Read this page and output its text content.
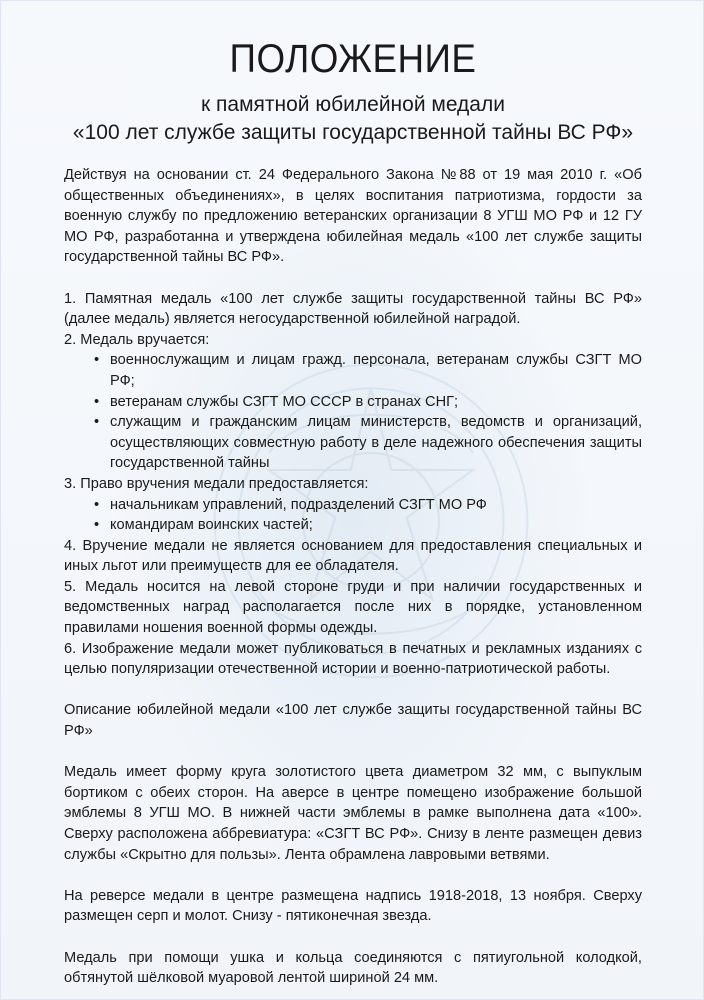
ПОЛОЖЕНИЕ
к памятной юбилейной медали
«100 лет службе защиты государственной тайны ВС РФ»

Действуя на основании ст. 24 Федерального Закона №88 от 19 мая 2010 г. «Об общественных объединениях», в целях воспитания патриотизма, гордости за военную службу по предложению ветеранских организации 8 УГШ МО РФ и 12 ГУ МО РФ, разработанна и утверждена юбилейная медаль «100 лет службе защиты государственной тайны ВС РФ».

1. Памятная медаль «100 лет службе защиты государственной тайны ВС РФ» (далее медаль) является негосударственной юбилейной наградой.

2. Медаль вручается:

• военнослужащим и лицам гражд. персонала, ветеранам службы СЗГТ МО РФ;
• ветеранам службы СЗГТ МО СССР в странах СНГ;
• служащим и гражданским лицам министерств, ведомств и организаций, осуществляющих совместную работу в деле надежного обеспечения защиты государственной тайны

3. Право вручения медали предоставляется:

• начальникам управлений, подразделений СЗГТ МО РФ
• командирам воинских частей;

4. Вручение медали не является основанием для предоставления специальных и иных льгот или преимуществ для ее обладателя.

5. Медаль носится на левой стороне груди и при наличии государственных и ведомственных наград располагается после них в порядке, установленном правилами ношения военной формы одежды.

6. Изображение медали может публиковаться в печатных и рекламных изданиях с целью популяризации отечественной истории и военно-патриотической работы.

Описание юбилейной медали «100 лет службе защиты государственной тайны ВС РФ»

Медаль имеет форму круга золотистого цвета диаметром 32 мм, с выпуклым бортиком с обеих сторон. На аверсе в центре помещено изображение большой эмблемы 8 УГШ МО. В нижней части эмблемы в рамке выполнена дата «100». Сверху расположена аббревиатура: «СЗГТ ВС РФ». Снизу в ленте размещен девиз службы «Скрытно для пользы». Лента обрамлена лавровыми ветвями.

На реверсе медали в центре размещена надпись 1918-2018, 13 ноября. Сверху размещен серп и молот. Снизу - пятиконечная звезда.

Медаль при помощи ушка и кольца соединяются с пятиугольной колодкой, обтянутой шёлковой муаровой лентой шириной 24 мм.
